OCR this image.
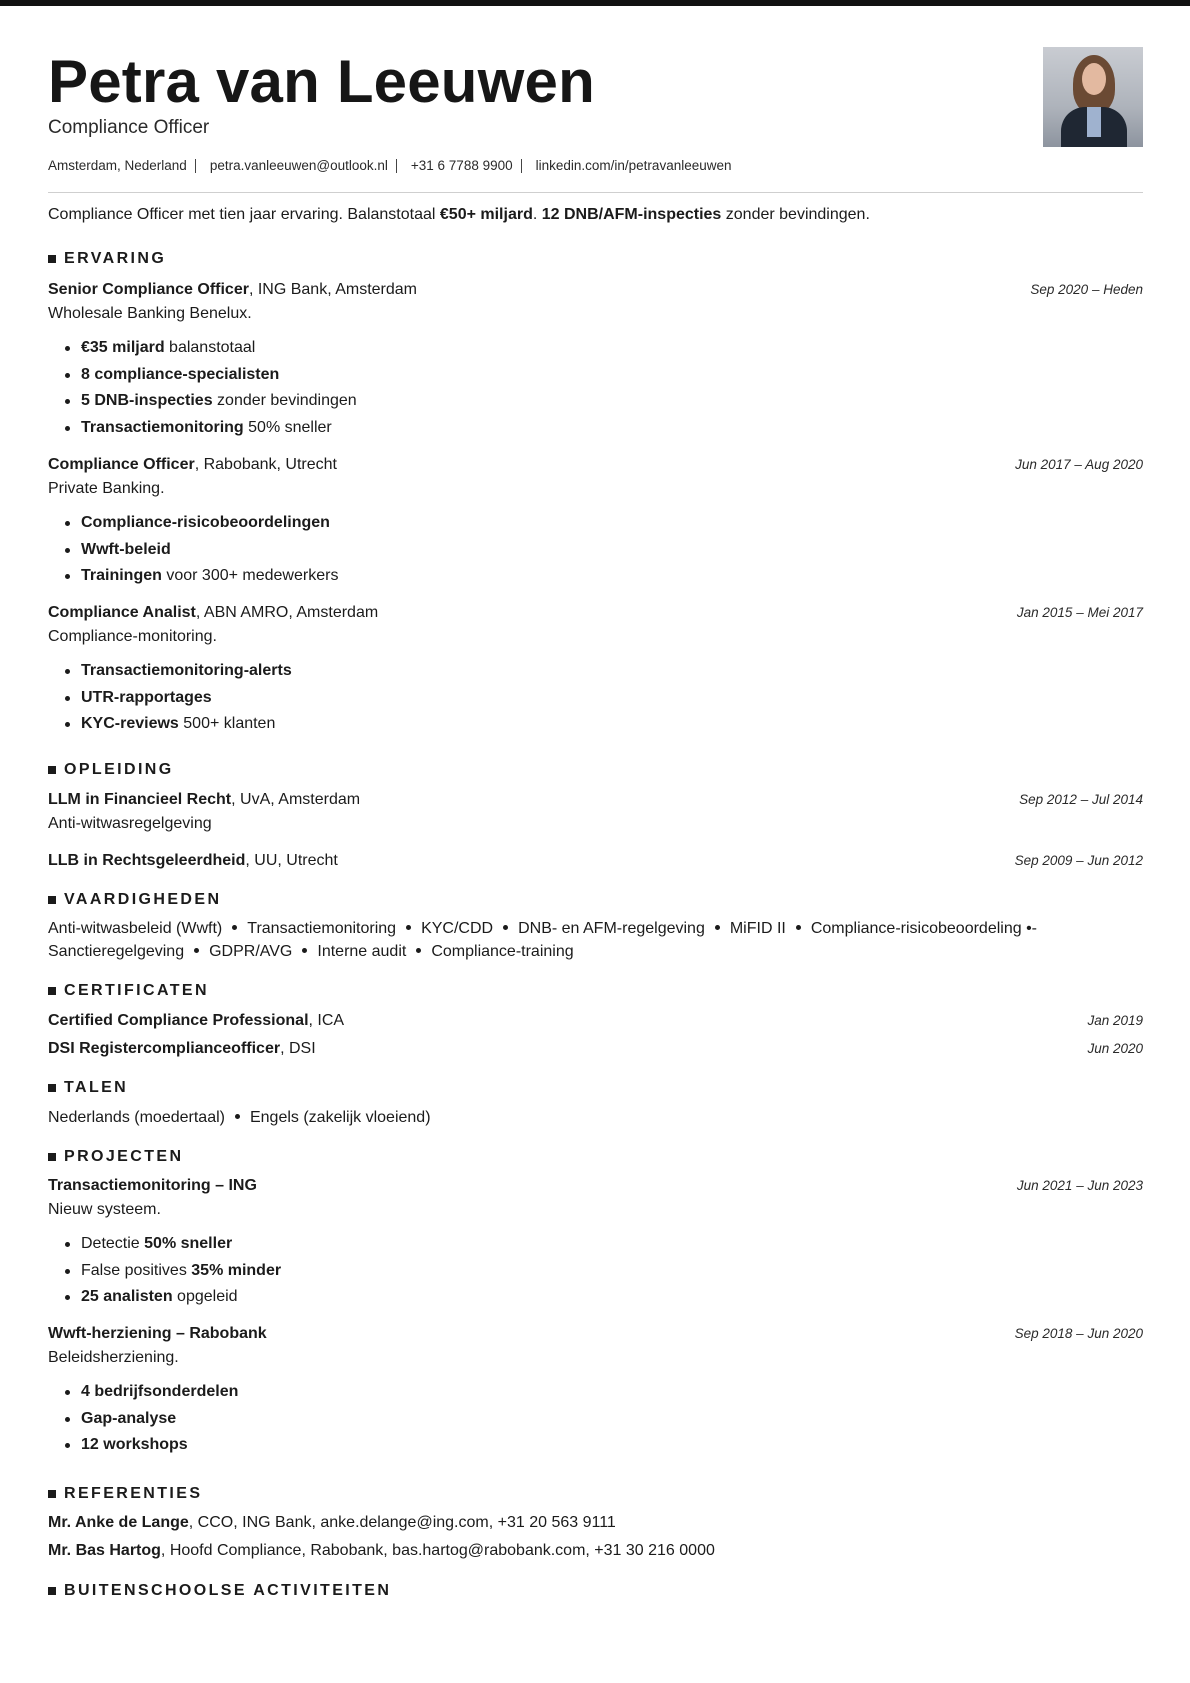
Petra van Leeuwen
Compliance Officer
Amsterdam, Nederland petra.vanleeuwen@outlook.nl +31 6 7788 9900 linkedin.com/in/petravanleeuwen
Compliance Officer met tien jaar ervaring. Balanstotaal €50+ miljard. 12 DNB/AFM-inspecties zonder bevindingen.
ERVARING
Senior Compliance Officer, ING Bank, Amsterdam	Sep 2020 – Heden
Wholesale Banking Benelux.
€35 miljard balanstotaal
8 compliance-specialisten
5 DNB-inspecties zonder bevindingen
Transactiemonitoring 50% sneller
Compliance Officer, Rabobank, Utrecht	Jun 2017 – Aug 2020
Private Banking.
Compliance-risicobeoordelingen
Wwft-beleid
Trainingen voor 300+ medewerkers
Compliance Analist, ABN AMRO, Amsterdam	Jan 2015 – Mei 2017
Compliance-monitoring.
Transactiemonitoring-alerts
UTR-rapportages
KYC-reviews 500+ klanten
OPLEIDING
LLM in Financieel Recht, UvA, Amsterdam	Sep 2012 – Jul 2014
Anti-witwasregelgeving
LLB in Rechtsgeleerdheid, UU, Utrecht	Sep 2009 – Jun 2012
VAARDIGHEDEN
Anti-witwasbeleid (Wwft) Transactiemonitoring KYC/CDD DNB- en AFM-regelgeving MiFID II Compliance-risicobeoordeling •-
Sanctieregelgeving GDPR/AVG Interne audit Compliance-training
CERTIFICATEN
Certified Compliance Professional, ICA	Jan 2019
DSI Registercomplianceofficer, DSI	Jun 2020
TALEN
Nederlands (moedertaal) Engels (zakelijk vloeiend)
PROJECTEN
Transactiemonitoring – ING	Jun 2021 – Jun 2023
Nieuw systeem.
Detectie 50% sneller
False positives 35% minder
25 analisten opgeleid
Wwft-herziening – Rabobank	Sep 2018 – Jun 2020
Beleidsherziening.
4 bedrijfsonderdelen
Gap-analyse
12 workshops
REFERENTIES
Mr. Anke de Lange, CCO, ING Bank, anke.delange@ing.com, +31 20 563 9111
Mr. Bas Hartog, Hoofd Compliance, Rabobank, bas.hartog@rabobank.com, +31 30 216 0000
BUITENSCHOOLSE ACTIVITEITEN
